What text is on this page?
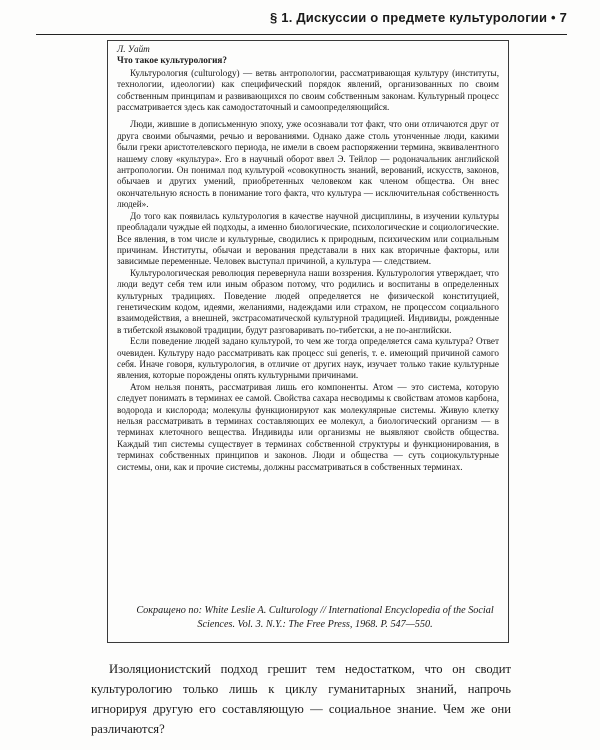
§ 1. Дискуссии о предмете культурологии • 7

Л. Уайт

Что такое культурология?

Культурология (culturology) — ветвь антропологии, рассматривающая культуру (институты, технологии, идеологии) как специфический порядок явлений, организованных по своим собственным принципам и развивающихся по своим собственным законам. Культурный процесс рассматривается здесь как самодостаточный и самоопределяющийся.

Люди, жившие в дописьменную эпоху, уже осознавали тот факт, что они отличаются друг от друга своими обычаями, речью и верованиями. Однако даже столь утонченные люди, какими были греки аристотелевского периода, не имели в своем распоряжении термина, эквивалентного нашему слову «культура». Его в научный оборот ввел Э. Тейлор — родоначальник английской антропологии. Он понимал под культурой «совокупность знаний, верований, искусств, законов, обычаев и других умений, приобретенных человеком как членом общества. Он внес окончательную ясность в понимание того факта, что культура — исключительная собственность людей».

До того как появилась культурология в качестве научной дисциплины, в изучении культуры преобладали чуждые ей подходы, а именно биологические, психологические и социологические. Все явления, в том числе и культурные, сводились к природным, психическим или социальным причинам. Институты, обычаи и верования представали в них как вторичные факторы, или зависимые переменные. Человек выступал причиной, а культура — следствием.

Культурологическая революция перевернула наши воззрения. Культурология утверждает, что люди ведут себя тем или иным образом потому, что родились и воспитаны в определенных культурных традициях. Поведение людей определяется не физической конституцией, генетическим кодом, идеями, желаниями, надеждами или страхом, не процессом социального взаимодействия, а внешней, экстрасоматической культурной традицией. Индивиды, рожденные в тибетской языковой традиции, будут разговаривать по-тибетски, а не по-английски.

Если поведение людей задано культурой, то чем же тогда определяется сама культура? Ответ очевиден. Культуру надо рассматривать как процесс sui generis, т. е. имеющий причиной самого себя. Иначе говоря, культурология, в отличие от других наук, изучает только такие культурные явления, которые порождены опять культурными причинами.

Атом нельзя понять, рассматривая лишь его компоненты. Атом — это система, которую следует понимать в терминах ее самой. Свойства сахара несводимы к свойствам атомов карбона, водорода и кислорода; молекулы функционируют как молекулярные системы. Живую клетку нельзя рассматривать в терминах составляющих ее молекул, а биологический организм — в терминах клеточного вещества. Индивиды или организмы не выявляют свойств общества. Каждый тип системы существует в терминах собственной структуры и функционирования, в терминах собственных принципов и законов. Люди и общества — суть социокультурные системы, они, как и прочие системы, должны рассматриваться в собственных терминах.

Сокращено по: White Leslie A. Culturology // International Encyclopedia of the Social Sciences. Vol. 3. N.Y.: The Free Press, 1968. P. 547—550.

Изоляционистский подход грешит тем недостатком, что он сводит культурологию только лишь к циклу гуманитарных знаний, напрочь игнорируя другую его составляющую — социальное знание. Чем же они различаются?
